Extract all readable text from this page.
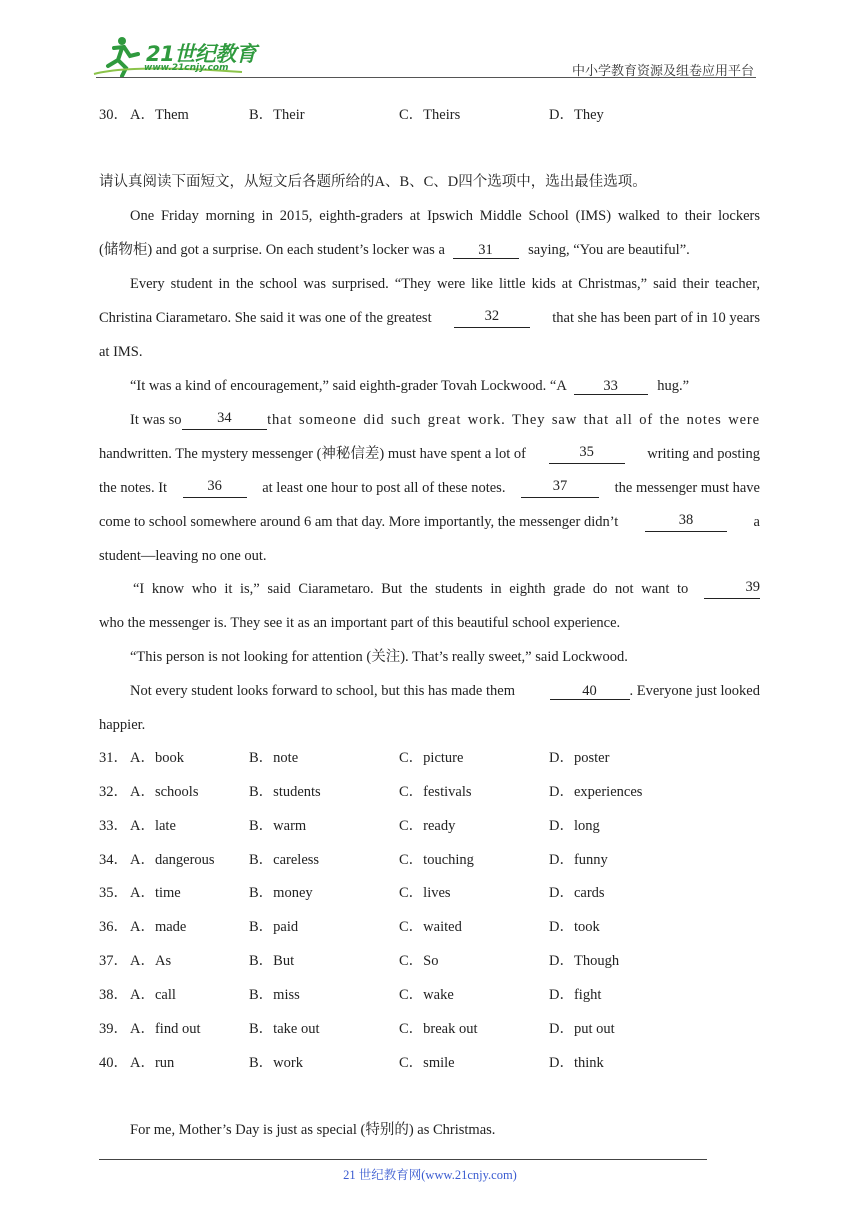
21世纪教育
www.21cnjy.com	中小学教育资源及组卷应用平台
30． A．Them	B．Their	C．Theirs	D．They
请认真阅读下面短文，从短文后各题所给的A、B、C、D四个选项中，选出最佳选项。
One Friday morning in 2015, eighth-graders at Ipswich Middle School (IMS) walked to their lockers
(储物柜) and got a surprise. On each student’s locker was a 31 saying, “You are beautiful”.
Every student in the school was surprised. “They were like little kids at Christmas,” said their teacher,
Christina Ciarametaro. She said it was one of the greatest	32	that she has been part of in 10 years
at IMS.
“It was a kind of encouragement,” said eighth-grader Tovah Lockwood. “A	33	hug.”
It was so	34	that someone did such great work. They saw that all of the notes were
handwritten. The mystery messenger (神秘信差) must have spent a lot of	35	writing and posting
the notes. It	36	at least one hour to post all of these notes.	37	the messenger must have
come to school somewhere around 6 am that day. More importantly, the messenger didn’t	38	a
student—leaving no one out.
“I know who it is,” said Ciarametaro. But the students in eighth grade do not want to	39
who the messenger is. They see it as an important part of this beautiful school experience.
“This person is not looking for attention (关注). That’s really sweet,” said Lockwood.
Not every student looks forward to school, but this has made them	40 . Everyone just looked
happier.
31． A．book	B．note	C．picture	D．poster
32． A．schools	B．students	C．festivals	D．experiences
33． A．late	B．warm	C．ready	D．long
34． A．dangerous B．careless	C．touching	D．funny
35． A．time	B．money	C．lives	D．cards
36． A．made	B．paid	C．waited	D．took
37． A．As	B．But	C．So	D．Though
38． A．call	B．miss	C．wake	D．fight
39． A．find out	B．take out	C．break out	D．put out
40． A．run	B．work	C．smile	D．think
For me, Mother’s Day is just as special (特别的) as Christmas.
21 世纪教育网(www.21cnjy.com)
